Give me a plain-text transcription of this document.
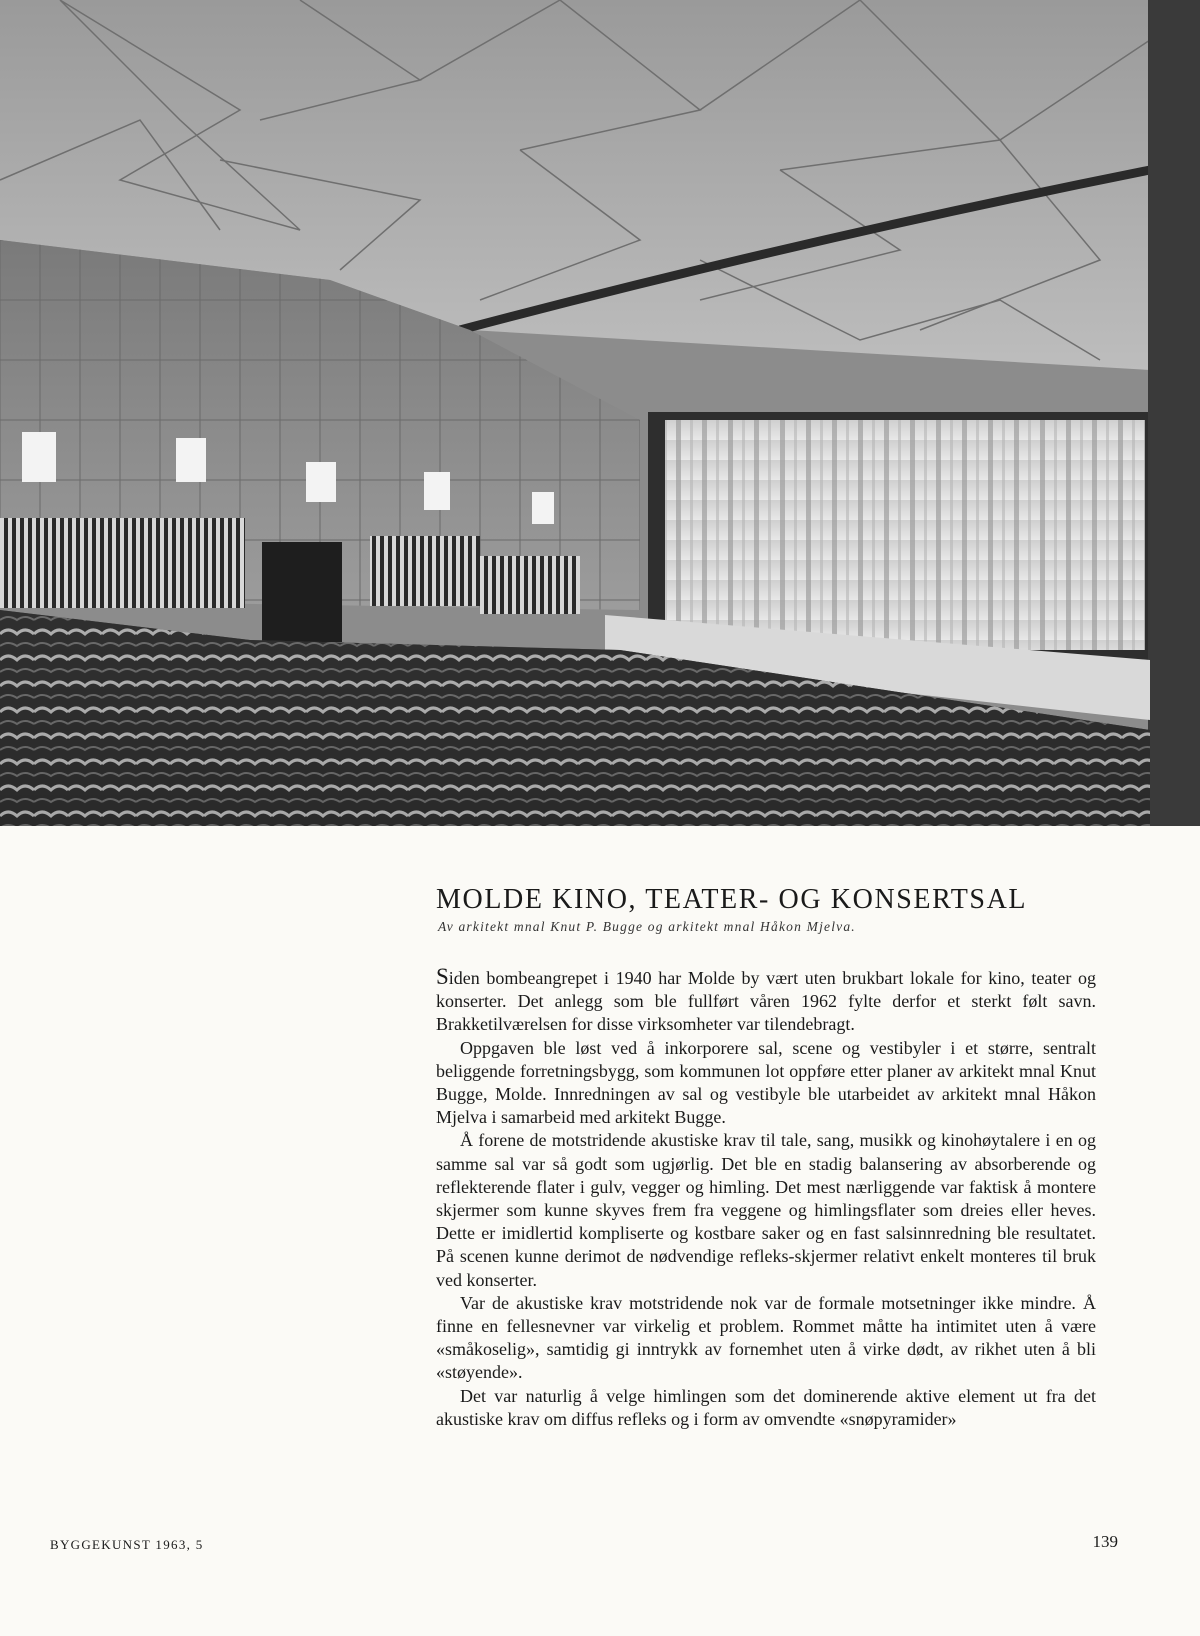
MOLDE KINO, TEATER- OG KONSERTSAL
Av arkitekt mnal Knut P. Bugge og arkitekt mnal Håkon Mjelva.

Siden bombeangrepet i 1940 har Molde by vært uten brukbart lokale for kino, teater og konserter. Det anlegg som ble fullført våren 1962 fylte derfor et sterkt følt savn. Brakketilværelsen for disse virksomheter var tilendebragt.

Oppgaven ble løst ved å inkorporere sal, scene og vestibyler i et større, sentralt beliggende forretningsbygg, som kommunen lot oppføre etter planer av arkitekt mnal Knut Bugge, Molde. Innredningen av sal og vestibyle ble utarbeidet av arkitekt mnal Håkon Mjelva i samarbeid med arkitekt Bugge.

Å forene de motstridende akustiske krav til tale, sang, musikk og kinohøytalere i en og samme sal var så godt som ugjørlig. Det ble en stadig balansering av absorberende og reflekterende flater i gulv, vegger og himling. Det mest nærliggende var faktisk å montere skjermer som kunne skyves frem fra veggene og himlingsflater som dreies eller heves. Dette er imidlertid kompliserte og kostbare saker og en fast salsinnredning ble resultatet. På scenen kunne derimot de nødvendige refleks-skjermer relativt enkelt monteres til bruk ved konserter.

Var de akustiske krav motstridende nok var de formale motsetninger ikke mindre. Å finne en fellesnevner var virkelig et problem. Rommet måtte ha intimitet uten å være «småkoselig», samtidig gi inntrykk av fornemhet uten å virke dødt, av rikhet uten å bli «støyende».

Det var naturlig å velge himlingen som det dominerende aktive element ut fra det akustiske krav om diffus refleks og i form av omvendte «snøpyramider»

BYGGEKUNST 1963, 5	139
